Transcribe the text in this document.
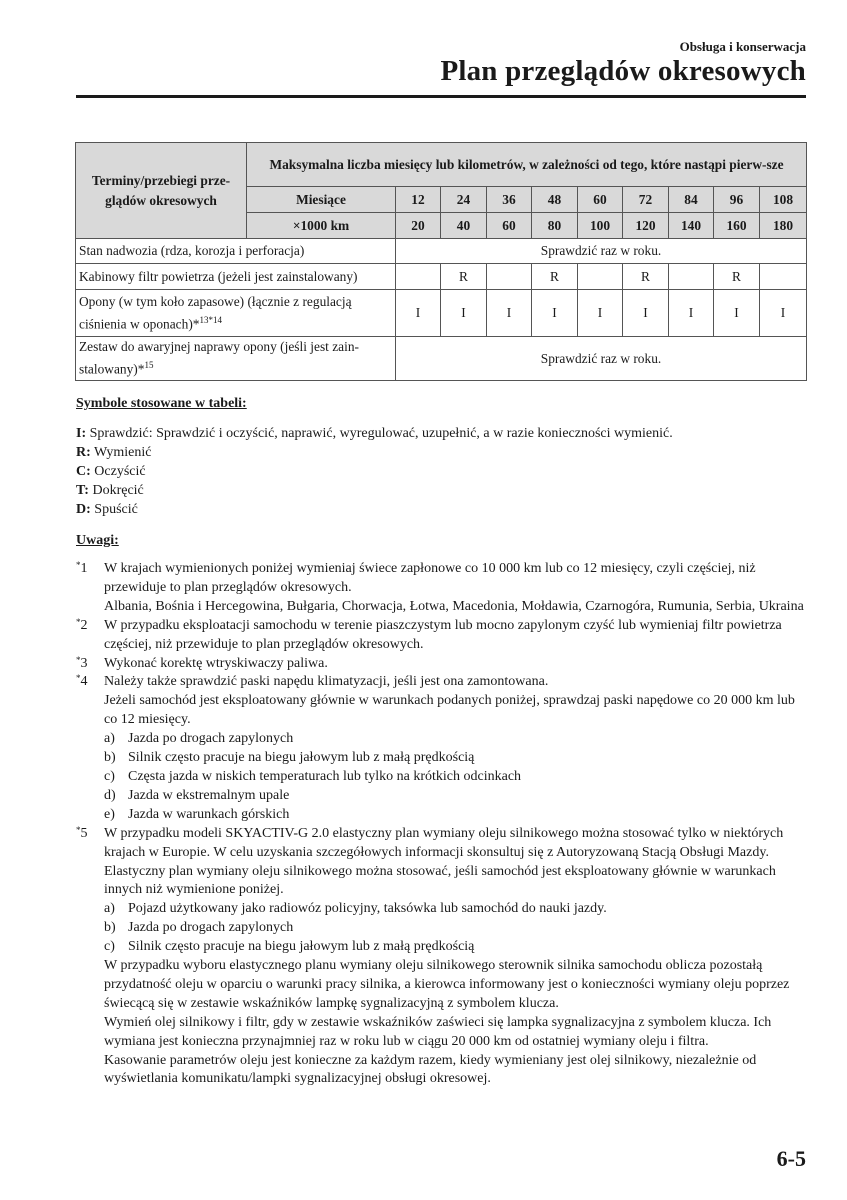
Obsługa i konserwacja
Plan przeglądów okresowych
Terminy/przebiegi prze-glądów okresowych	Maksymalna liczba miesięcy lub kilometrów, w zależności od tego, które nastąpi pierw-sze									
	Miesiące	12	24	36	48	60	72	84	96	108
	×1000 km	20	40	60	80	100	120	140	160	180
Stan nadwozia (rdza, korozja i perforacja)		Sprawdzić raz w roku.								
Kabinowy filtr powietrza (jeżeli jest zainstalowany)			R		R		R		R	
Opony (w tym koło zapasowe) (łącznie z regulacją ciśnienia w oponach)*$^{13*14}$		I	I	I	I	I	I	I	I	I
Zestaw do awaryjnej naprawy opony (jeśli jest zain-stalowany)*$^{15}$		Sprawdzić raz w roku.								
Symbole stosowane w tabeli:
I: Sprawdzić: Sprawdzić i oczyścić, naprawić, wyregulować, uzupełnić, a w razie konieczności wymienić.
R: Wymienić
C: Oczyścić
T: Dokręcić
D: Spuścić
Uwagi:
*1 W krajach wymienionych poniżej wymieniaj świece zapłonowe co 10 000 km lub co 12 miesięcy, czyli częściej, niż przewiduje to plan przeglądów okresowych.
Albania, Bośnia i Hercegowina, Bułgaria, Chorwacja, Łotwa, Macedonia, Mołdawia, Czarnogóra, Rumunia, Serbia, Ukraina
*2 W przypadku eksploatacji samochodu w terenie piaszczystym lub mocno zapylonym czyść lub wymieniaj filtr powietrza częściej, niż przewiduje to plan przeglądów okresowych.
*3 Wykonać korektę wtryskiwaczy paliwa.
*4 Należy także sprawdzić paski napędu klimatyzacji, jeśli jest ona zamontowana.
Jeżeli samochód jest eksploatowany głównie w warunkach podanych poniżej, sprawdzaj paski napędowe co 20 000 km lub co 12 miesięcy.
a) Jazda po drogach zapylonych
b) Silnik często pracuje na biegu jałowym lub z małą prędkością
c) Częsta jazda w niskich temperaturach lub tylko na krótkich odcinkach
d) Jazda w ekstremalnym upale
e) Jazda w warunkach górskich
*5 W przypadku modeli SKYACTIV-G 2.0 elastyczny plan wymiany oleju silnikowego można stosować tylko w niektórych krajach w Europie. W celu uzyskania szczegółowych informacji skonsultuj się z Autoryzowaną Stacją Obsługi Mazdy. Elastyczny plan wymiany oleju silnikowego można stosować, jeśli samochód jest eksploatowany głównie w warunkach innych niż wymienione poniżej.
a) Pojazd użytkowany jako radiowóz policyjny, taksówka lub samochód do nauki jazdy.
b) Jazda po drogach zapylonych
c) Silnik często pracuje na biegu jałowym lub z małą prędkością
W przypadku wyboru elastycznego planu wymiany oleju silnikowego sterownik silnika samochodu oblicza pozostałą przydatność oleju w oparciu o warunki pracy silnika, a kierowca informowany jest o konieczności wymiany oleju poprzez świecącą się w zestawie wskaźników lampkę sygnalizacyjną z symbolem klucza.
Wymień olej silnikowy i filtr, gdy w zestawie wskaźników zaświeci się lampka sygnalizacyjna z symbolem klucza. Ich wymiana jest konieczna przynajmniej raz w roku lub w ciągu 20 000 km od ostatniej wymiany oleju i filtra.
Kasowanie parametrów oleju jest konieczne za każdym razem, kiedy wymieniany jest olej silnikowy, niezależnie od wyświetlania komunikatu/lampki sygnalizacyjnej obsługi okresowej.
6-5
